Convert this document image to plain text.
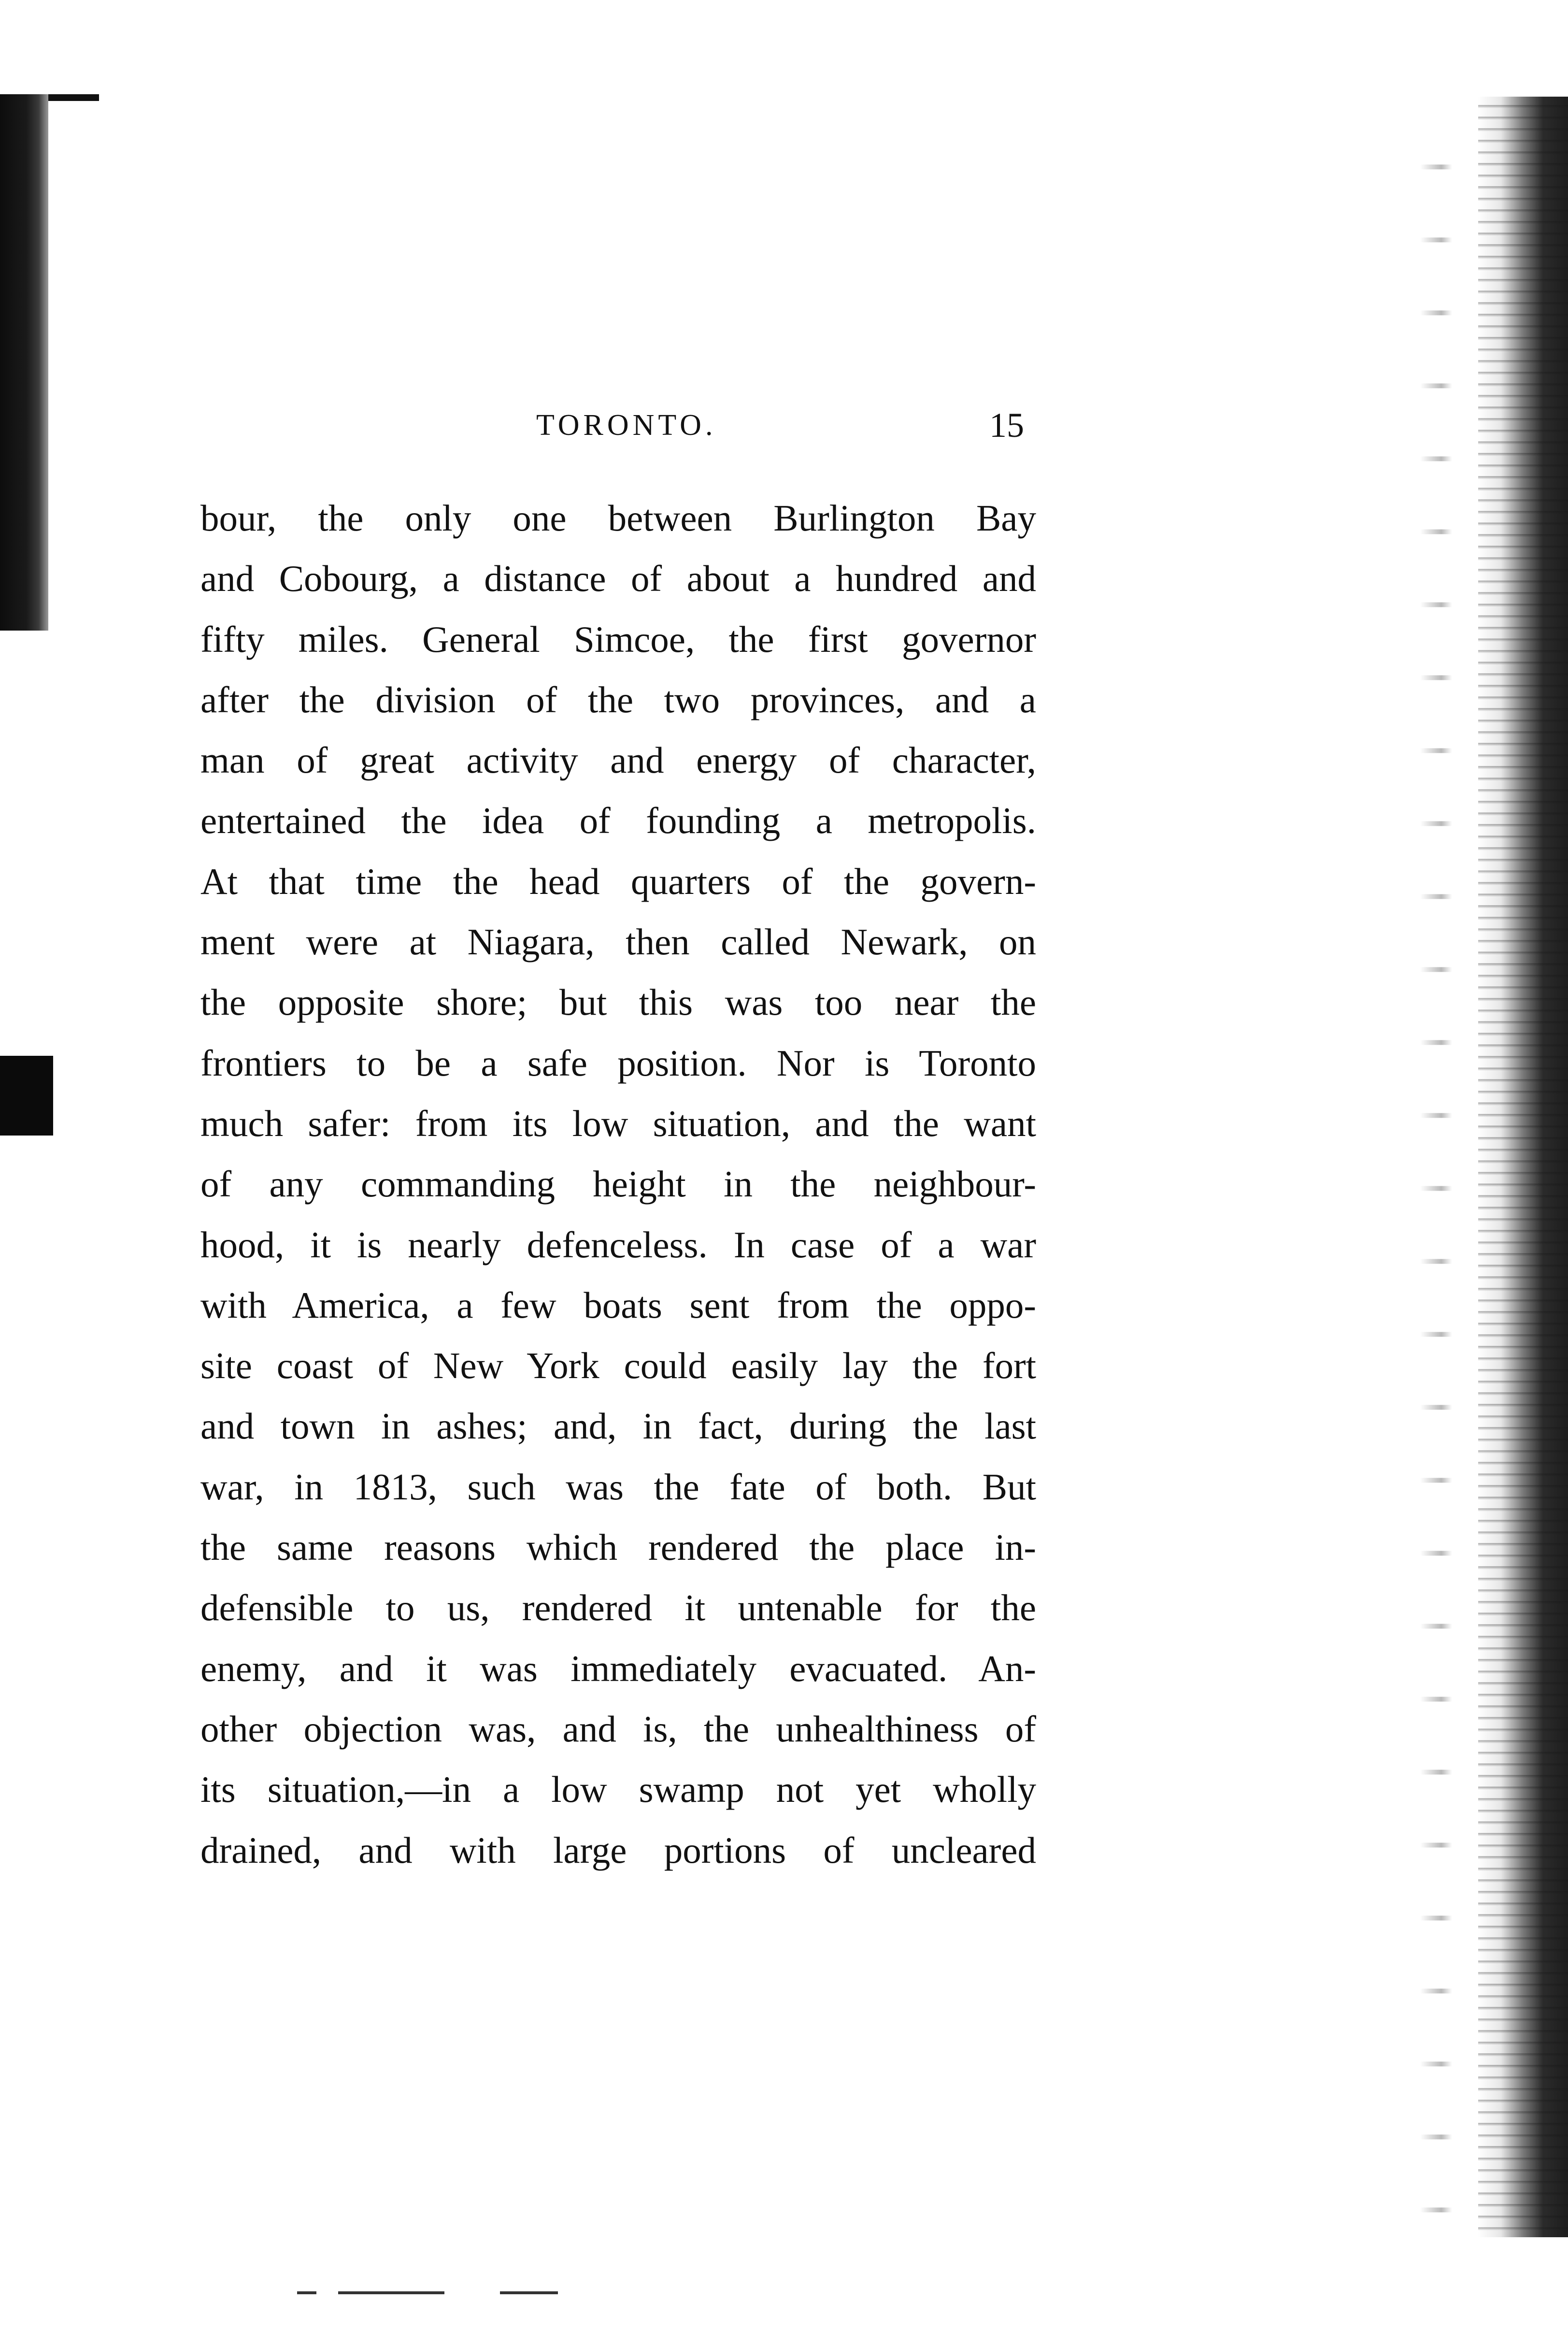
TORONTO.	15
bour, the only one between Burlington Bay
and Cobourg, a distance of about a hundred and
fifty miles. General Simcoe, the first governor
after the division of the two provinces, and a
man of great activity and energy of character,
entertained the idea of founding a metropolis.
At that time the head quarters of the govern-
ment were at Niagara, then called Newark, on
the opposite shore; but this was too near the
frontiers to be a safe position. Nor is Toronto
much safer: from its low situation, and the want
of any commanding height in the neighbour-
hood, it is nearly defenceless. In case of a war
with America, a few boats sent from the oppo-
site coast of New York could easily lay the fort
and town in ashes; and, in fact, during the last
war, in 1813, such was the fate of both. But
the same reasons which rendered the place in-
defensible to us, rendered it untenable for the
enemy, and it was immediately evacuated. An-
other objection was, and is, the unhealthiness of
its situation,—in a low swamp not yet wholly
drained, and with large portions of uncleared
